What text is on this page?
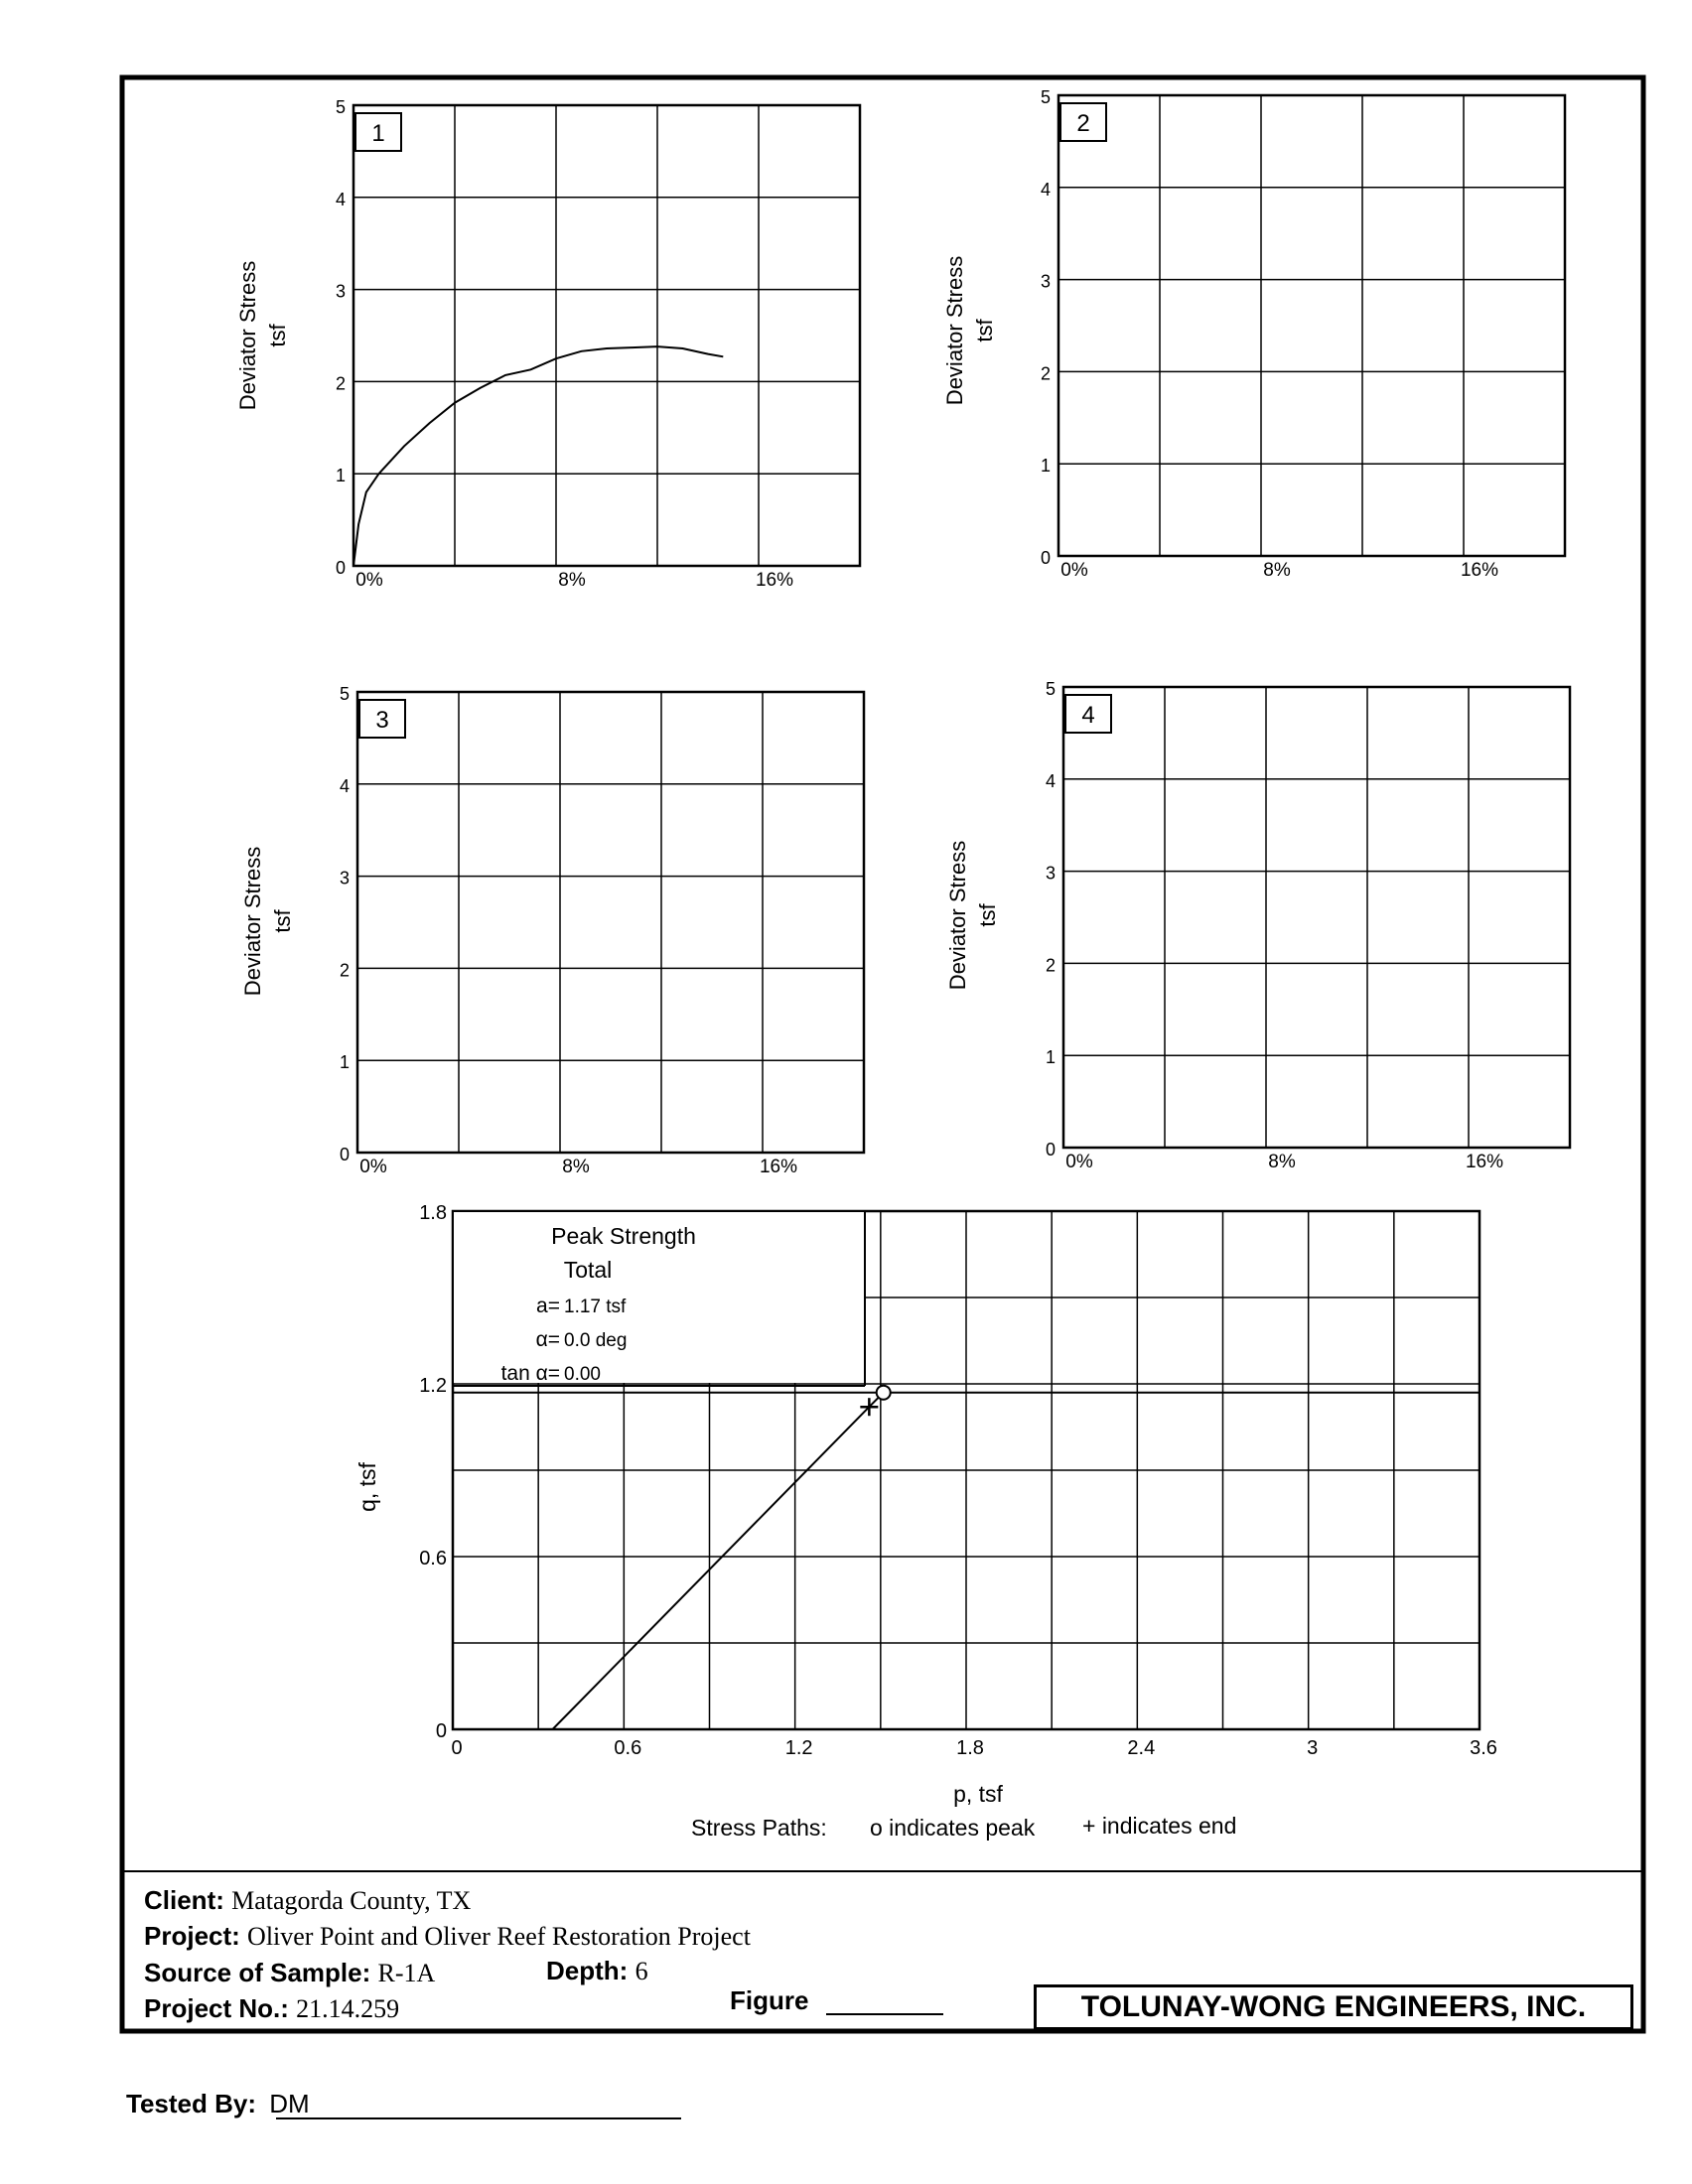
1
0
1
2
3
4
5
0%	8%	16%
Deviator Stress tsf
2
0
1
2
3
4
5
0%	8%	16%
Deviator Stress tsf
3
0
1
2
3
4
5
0%	8%	16%
Deviator Stress tsf
4
0
1
2
3
4
5
0%	8%	16%
Deviator Stress tsf
Peak Strength
Total
a= 1.17 tsf
α= 0.0 deg
tan α= 0.00
0
0.6
1.2
1.8
0	0.6	1.2	1.8	2.4	3	3.6
p, tsf
q, tsf
Stress Paths: o indicates peak + indicates end
Client: Matagorda County, TX
Project: Oliver Point and Oliver Reef Restoration Project
Source of Sample: R-1A	Depth: 6
Project No.: 21.14.259	Figure	TOLUNAY-WONG ENGINEERS, INC.
Tested By: DM
